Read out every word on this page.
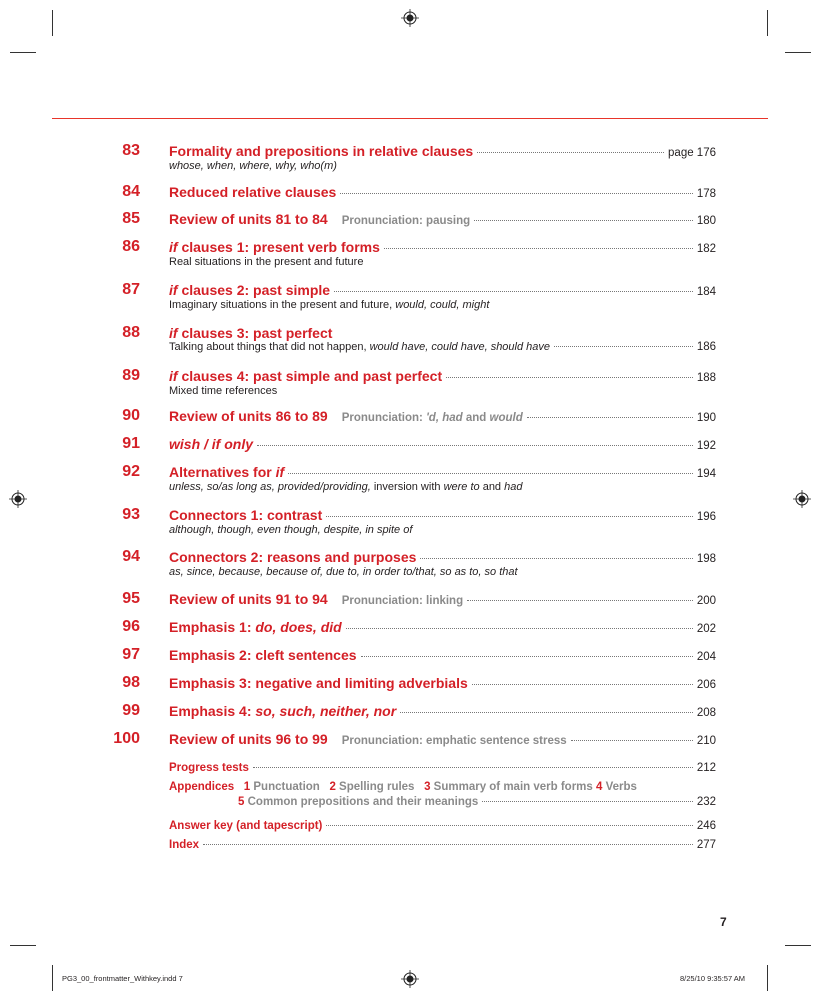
83 Formality and prepositions in relative clauses	page 176
whose, when, where, why, who(m)
84 Reduced relative clauses	178
85 Review of units 81 to 84 Pronunciation: pausing	180
86 if clauses 1: present verb forms	182
Real situations in the present and future
87 if clauses 2: past simple	184
Imaginary situations in the present and future, would, could, might
88 if clauses 3: past perfect
Talking about things that did not happen, would have, could have, should have	186
89 if clauses 4: past simple and past perfect	188
Mixed time references
90 Review of units 86 to 89 Pronunciation: 'd, had and would	190
91 wish / if only	192
92 Alternatives for if	194
unless, so/as long as, provided/providing, inversion with were to and had
93 Connectors 1: contrast	196
although, though, even though, despite, in spite of
94 Connectors 2: reasons and purposes	198
as, since, because, because of, due to, in order to/that, so as to, so that
95 Review of units 91 to 94 Pronunciation: linking	200
96 Emphasis 1: do, does, did	202
97 Emphasis 2: cleft sentences	204
98 Emphasis 3: negative and limiting adverbials	206
99 Emphasis 4: so, such, neither, nor	208
100 Review of units 96 to 99 Pronunciation: emphatic sentence stress	210
Progress tests	212
Appendices 1 Punctuation 2 Spelling rules 3 Summary of main verb forms 4 Verbs
5 Common prepositions and their meanings	232
Answer key (and tapescript)	246
Index	277
7
PG3_00_frontmatter_Withkey.indd 7	8/25/10 9:35:57 AM
